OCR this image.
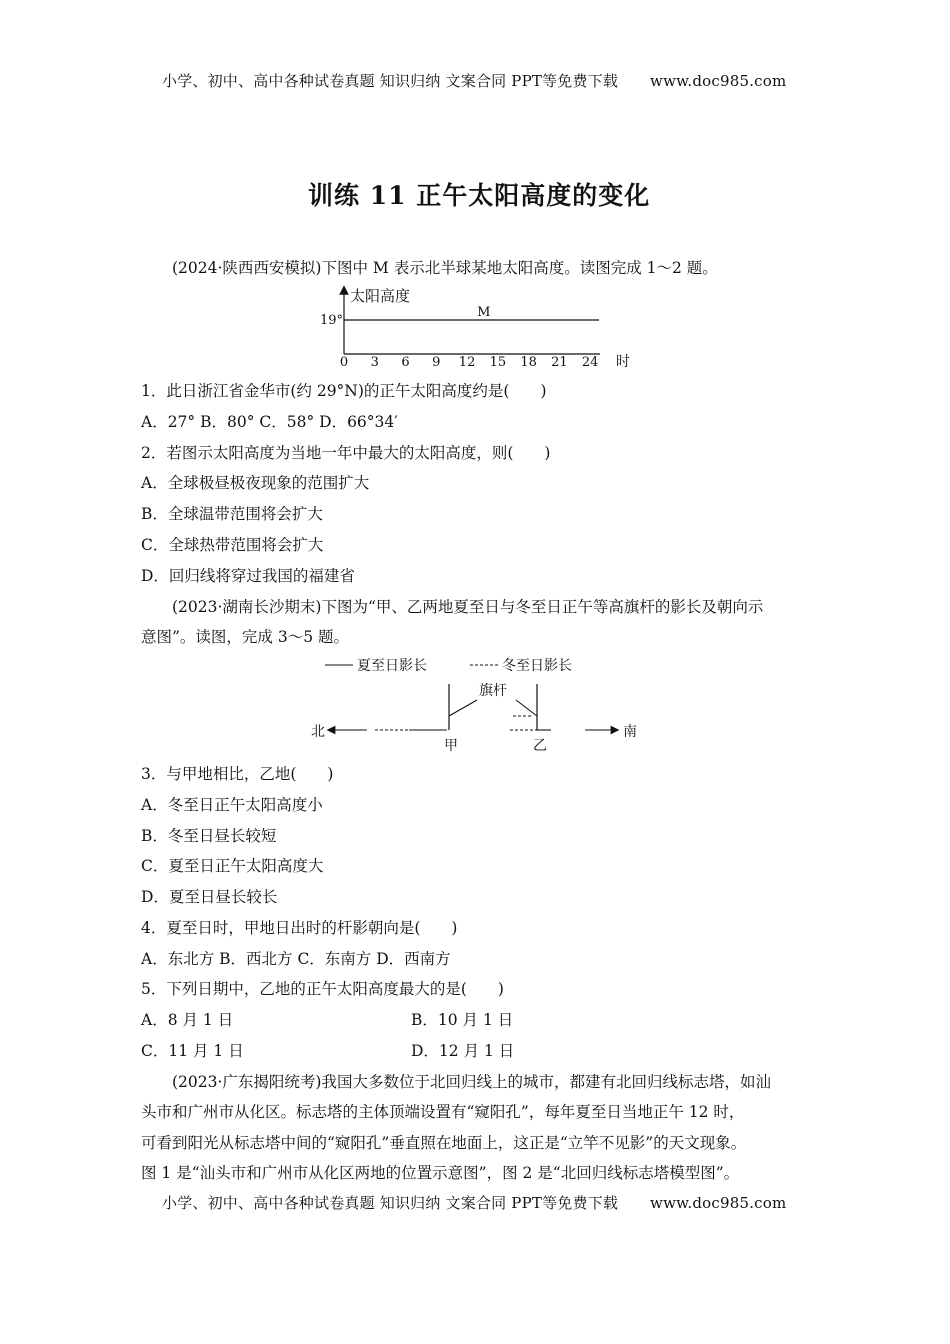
小学、初中、高中各种试卷真题 知识归纳 文案合同 PPT等免费下载 www.doc985.com
训练 11 正午太阳高度的变化
(2024·陕西西安模拟)下图中 M 表示北半球某地太阳高度。读图完成 1～2 题。
太阳高度
19°
M
0 3 6 9 12 15 18 21 24 时
1．此日浙江省金华市(约 29°N)的正午太阳高度约是(　　)
A．27° B．80° C．58° D．66°34′
2．若图示太阳高度为当地一年中最大的太阳高度，则(　　)
A．全球极昼极夜现象的范围扩大
B．全球温带范围将会扩大
C．全球热带范围将会扩大
D．回归线将穿过我国的福建省
(2023·湖南长沙期末)下图为“甲、乙两地夏至日与冬至日正午等高旗杆的影长及朝向示
意图”。读图，完成 3～5 题。
夏至日影长	冬至日影长
北
旗杆
甲	乙
南
3．与甲地相比，乙地(　　)
A．冬至日正午太阳高度小
B．冬至日昼长较短
C．夏至日正午太阳高度大
D．夏至日昼长较长
4．夏至日时，甲地日出时的杆影朝向是(　　)
A．东北方 B．西北方 C．东南方 D．西南方
5．下列日期中，乙地的正午太阳高度最大的是(　　)
A．8 月 1 日	B．10 月 1 日
C．11 月 1 日	D．12 月 1 日
(2023·广东揭阳统考)我国大多数位于北回归线上的城市，都建有北回归线标志塔，如汕
头市和广州市从化区。标志塔的主体顶端设置有“窥阳孔”，每年夏至日当地正午 12 时，
可看到阳光从标志塔中间的“窥阳孔”垂直照在地面上，这正是“立竿不见影”的天文现象。
图 1 是“汕头市和广州市从化区两地的位置示意图”，图 2 是“北回归线标志塔模型图”。
小学、初中、高中各种试卷真题 知识归纳 文案合同 PPT等免费下载 www.doc985.com
